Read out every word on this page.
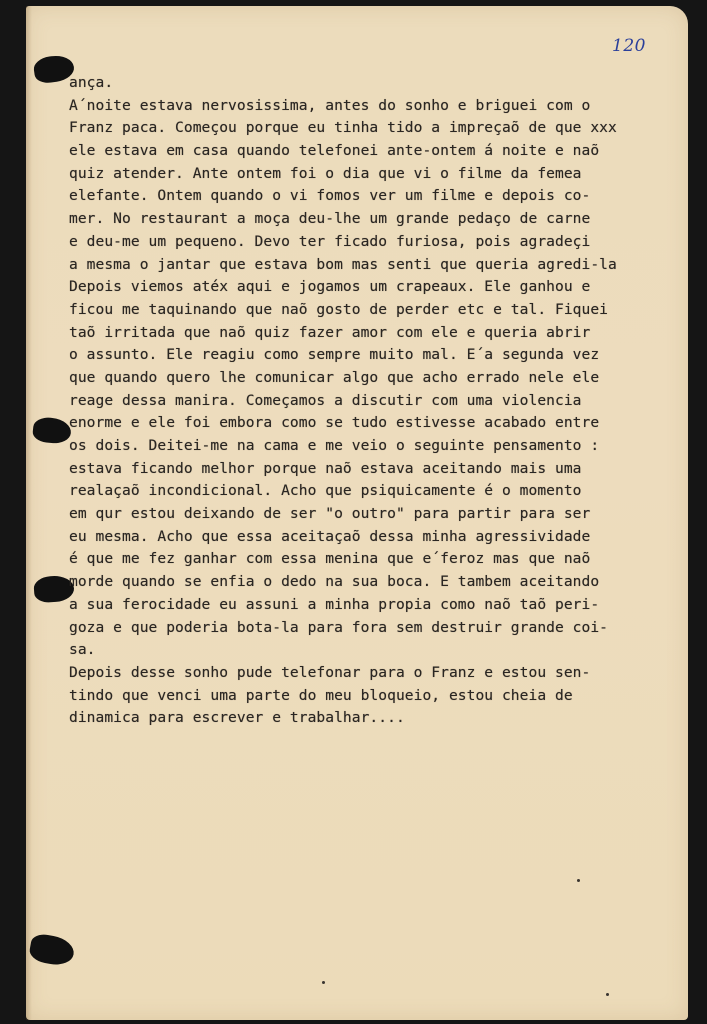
120
ança.
A´noite estava nervosissima, antes do sonho e briguei com o
Franz paca. Começou porque eu tinha tido a impreçaõ de que xxx
ele estava em casa quando telefonei ante-ontem á noite e naõ
quiz atender. Ante ontem foi o dia que vi o filme da femea
elefante. Ontem quando o vi fomos ver um filme e depois co-
mer. No restaurant a moça deu-lhe um grande pedaço de carne
e deu-me um pequeno. Devo ter ficado furiosa, pois agradeçi
a mesma o jantar que estava bom mas senti que queria agredi-la
Depois viemos atéx aqui e jogamos um crapeaux. Ele ganhou e
ficou me taquinando que naõ gosto de perder etc e tal. Fiquei
taõ irritada que naõ quiz fazer amor com ele e queria abrir
o assunto. Ele reagiu como sempre muito mal. E´a segunda vez
que quando quero lhe comunicar algo que acho errado nele ele
reage dessa manira. Começamos a discutir com uma violencia
enorme e ele foi embora como se tudo estivesse acabado entre
os dois. Deitei-me na cama e me veio o seguinte pensamento :
estava ficando melhor porque naõ estava aceitando mais uma
realaçaõ incondicional. Acho que psiquicamente é o momento
em qur estou deixando de ser "o outro" para partir para ser
eu mesma. Acho que essa aceitaçaõ dessa minha agressividade
é que me fez ganhar com essa menina que e´feroz mas que naõ
morde quando se enfia o dedo na sua boca. E tambem aceitando
a sua ferocidade eu assuni a minha propia como naõ taõ peri-
goza e que poderia bota-la para fora sem destruir grande coi-
sa.
Depois desse sonho pude telefonar para o Franz e estou sen-
tindo que venci uma parte do meu bloqueio, estou cheia de
dinamica para escrever e trabalhar....
